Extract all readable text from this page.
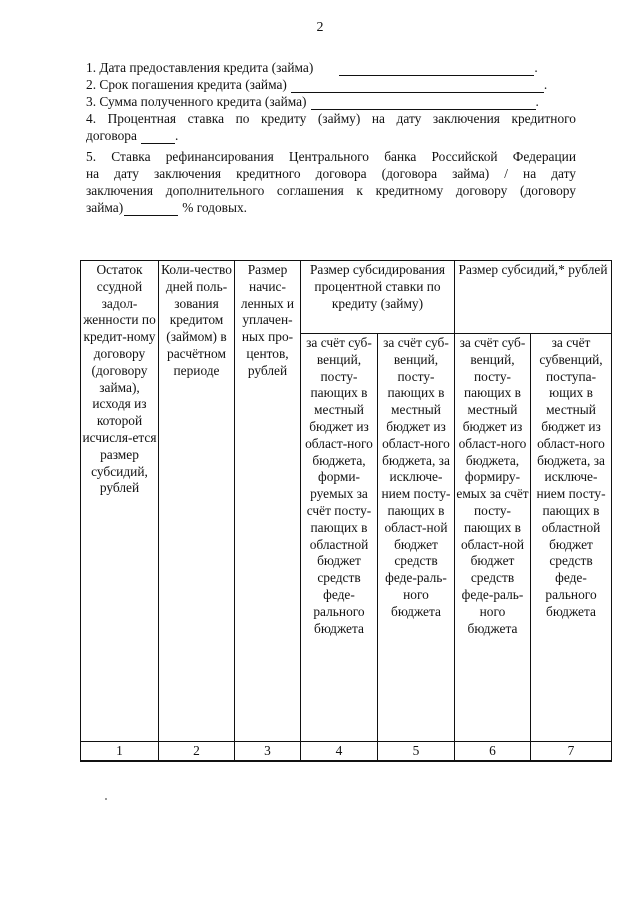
2
1. Дата предоставления кредита (займа)	.
2. Срок погашения кредита (займа)	.
3. Сумма полученного кредита (займа)	.
4. Процентная ставка по кредиту (займу) на дату заключения кредитного
договора	.
5. Ставка рефинансирования Центрального банка Российской Федерации
на дату заключения кредитного договора (договора займа) / на дату
заключения дополнительного соглашения к кредитному договору (договору
займа)	% годовых.
Остаток ссудной задол-женности по кредит-ному договору (договору займа), исходя из которой исчисля-ется размер субсидий, рублей	Коли-чество дней поль-зования кредитом (займом) в расчётном периоде	Размер начис-ленных и уплачен-ных про-центов, рублей	Размер субсидирования процентной ставки по кредиту (займу)		Размер субсидий,* рублей	
			за счёт суб-венций, посту-пающих в местный бюджет из област-ного бюджета, форми-руемых за счёт посту-пающих в областной бюджет средств феде-рального бюджета	за счёт суб-венций, посту-пающих в местный бюджет из област-ного бюджета, за исключе-нием посту-пающих в област-ной бюджет средств феде-раль-ного бюджета	за счёт суб-венций, посту-пающих в местный бюджет из област-ного бюджета, формиру-емых за счёт посту-пающих в област-ной бюджет средств феде-раль-ного бюджета	за счёт субвенций, поступа-ющих в местный бюджет из област-ного бюджета, за исключе-нием посту-пающих в областной бюджет средств феде-рального бюджета
1	2	3	4	5	6	7
